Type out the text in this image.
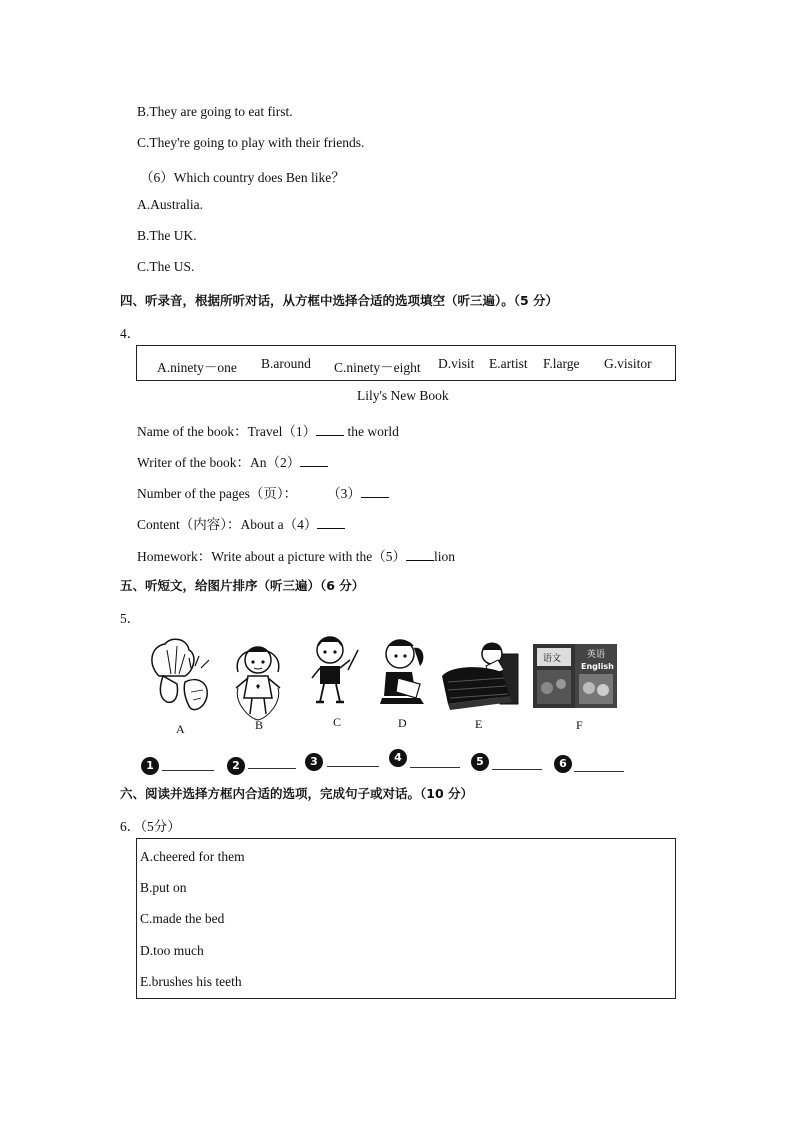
B.They are going to eat first.
C.They're going to play with their friends.
（6）Which country does Ben like？
A.Australia.
B.The UK.
C.The US.
四、听录音，根据所听对话，从方框中选择合适的选项填空（听三遍）。（5 分）
4．
A.ninety－one B.around C.ninety－eight D.visit E.artist F.large G.visitor
Lily's New Book
Name of the book：Travel（1） the world
Writer of the book：An（2）
Number of the pages（页）： （3）
Content（内容）：About a（4）
Homework：Write about a picture with the（5） lion
五、听短文，给图片排序（听三遍）（6 分）
5．
A	B	C	D	E
语文	英语
English
F
1	2	3	4	5	6
六、阅读并选择方框内合适的选项，完成句子或对话。（10 分）
6．（5分）
A.cheered for them
B.put on
C.made the bed
D.too much
E.brushes his teeth
